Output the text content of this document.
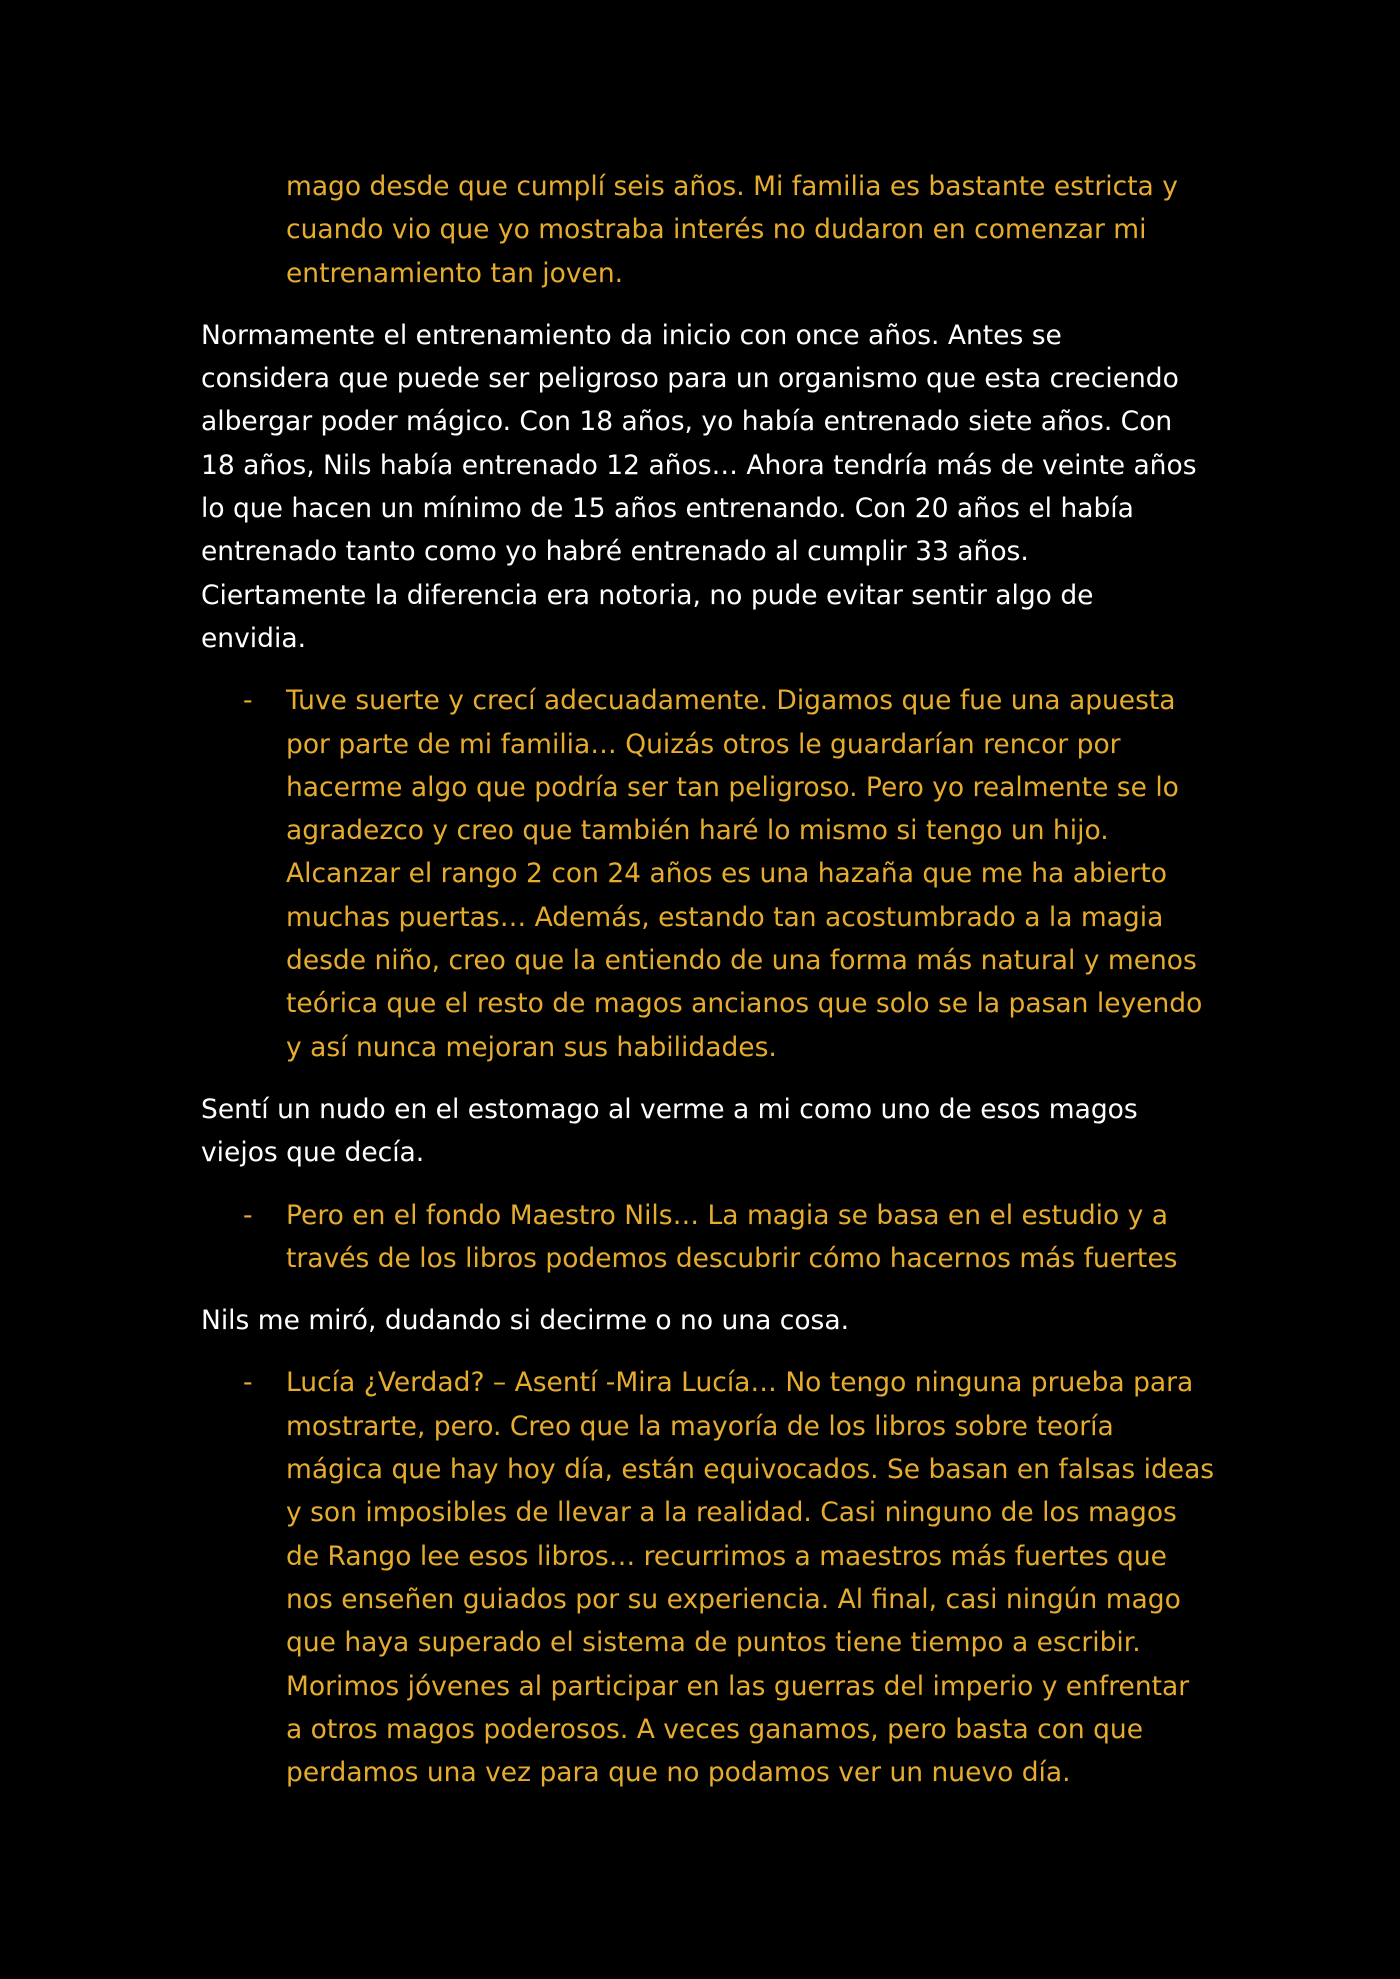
mago desde que cumplí seis años. Mi familia es bastante estricta y
cuando vio que yo mostraba interés no dudaron en comenzar mi
entrenamiento tan joven.
Normamente el entrenamiento da inicio con once años. Antes se
considera que puede ser peligroso para un organismo que esta creciendo
albergar poder mágico. Con 18 años, yo había entrenado siete años. Con
18 años, Nils había entrenado 12 años… Ahora tendría más de veinte años
lo que hacen un mínimo de 15 años entrenando. Con 20 años el había
entrenado tanto como yo habré entrenado al cumplir 33 años.
Ciertamente la diferencia era notoria, no pude evitar sentir algo de
envidia.
-	Tuve suerte y crecí adecuadamente. Digamos que fue una apuesta
por parte de mi familia… Quizás otros le guardarían rencor por
hacerme algo que podría ser tan peligroso. Pero yo realmente se lo
agradezco y creo que también haré lo mismo si tengo un hijo.
Alcanzar el rango 2 con 24 años es una hazaña que me ha abierto
muchas puertas… Además, estando tan acostumbrado a la magia
desde niño, creo que la entiendo de una forma más natural y menos
teórica que el resto de magos ancianos que solo se la pasan leyendo
y así nunca mejoran sus habilidades.
Sentí un nudo en el estomago al verme a mi como uno de esos magos
viejos que decía.
-	Pero en el fondo Maestro Nils… La magia se basa en el estudio y a
través de los libros podemos descubrir cómo hacernos más fuertes
Nils me miró, dudando si decirme o no una cosa.
-	Lucía ¿Verdad? – Asentí -Mira Lucía… No tengo ninguna prueba para
mostrarte, pero. Creo que la mayoría de los libros sobre teoría
mágica que hay hoy día, están equivocados. Se basan en falsas ideas
y son imposibles de llevar a la realidad. Casi ninguno de los magos
de Rango lee esos libros… recurrimos a maestros más fuertes que
nos enseñen guiados por su experiencia. Al final, casi ningún mago
que haya superado el sistema de puntos tiene tiempo a escribir.
Morimos jóvenes al participar en las guerras del imperio y enfrentar
a otros magos poderosos. A veces ganamos, pero basta con que
perdamos una vez para que no podamos ver un nuevo día.
